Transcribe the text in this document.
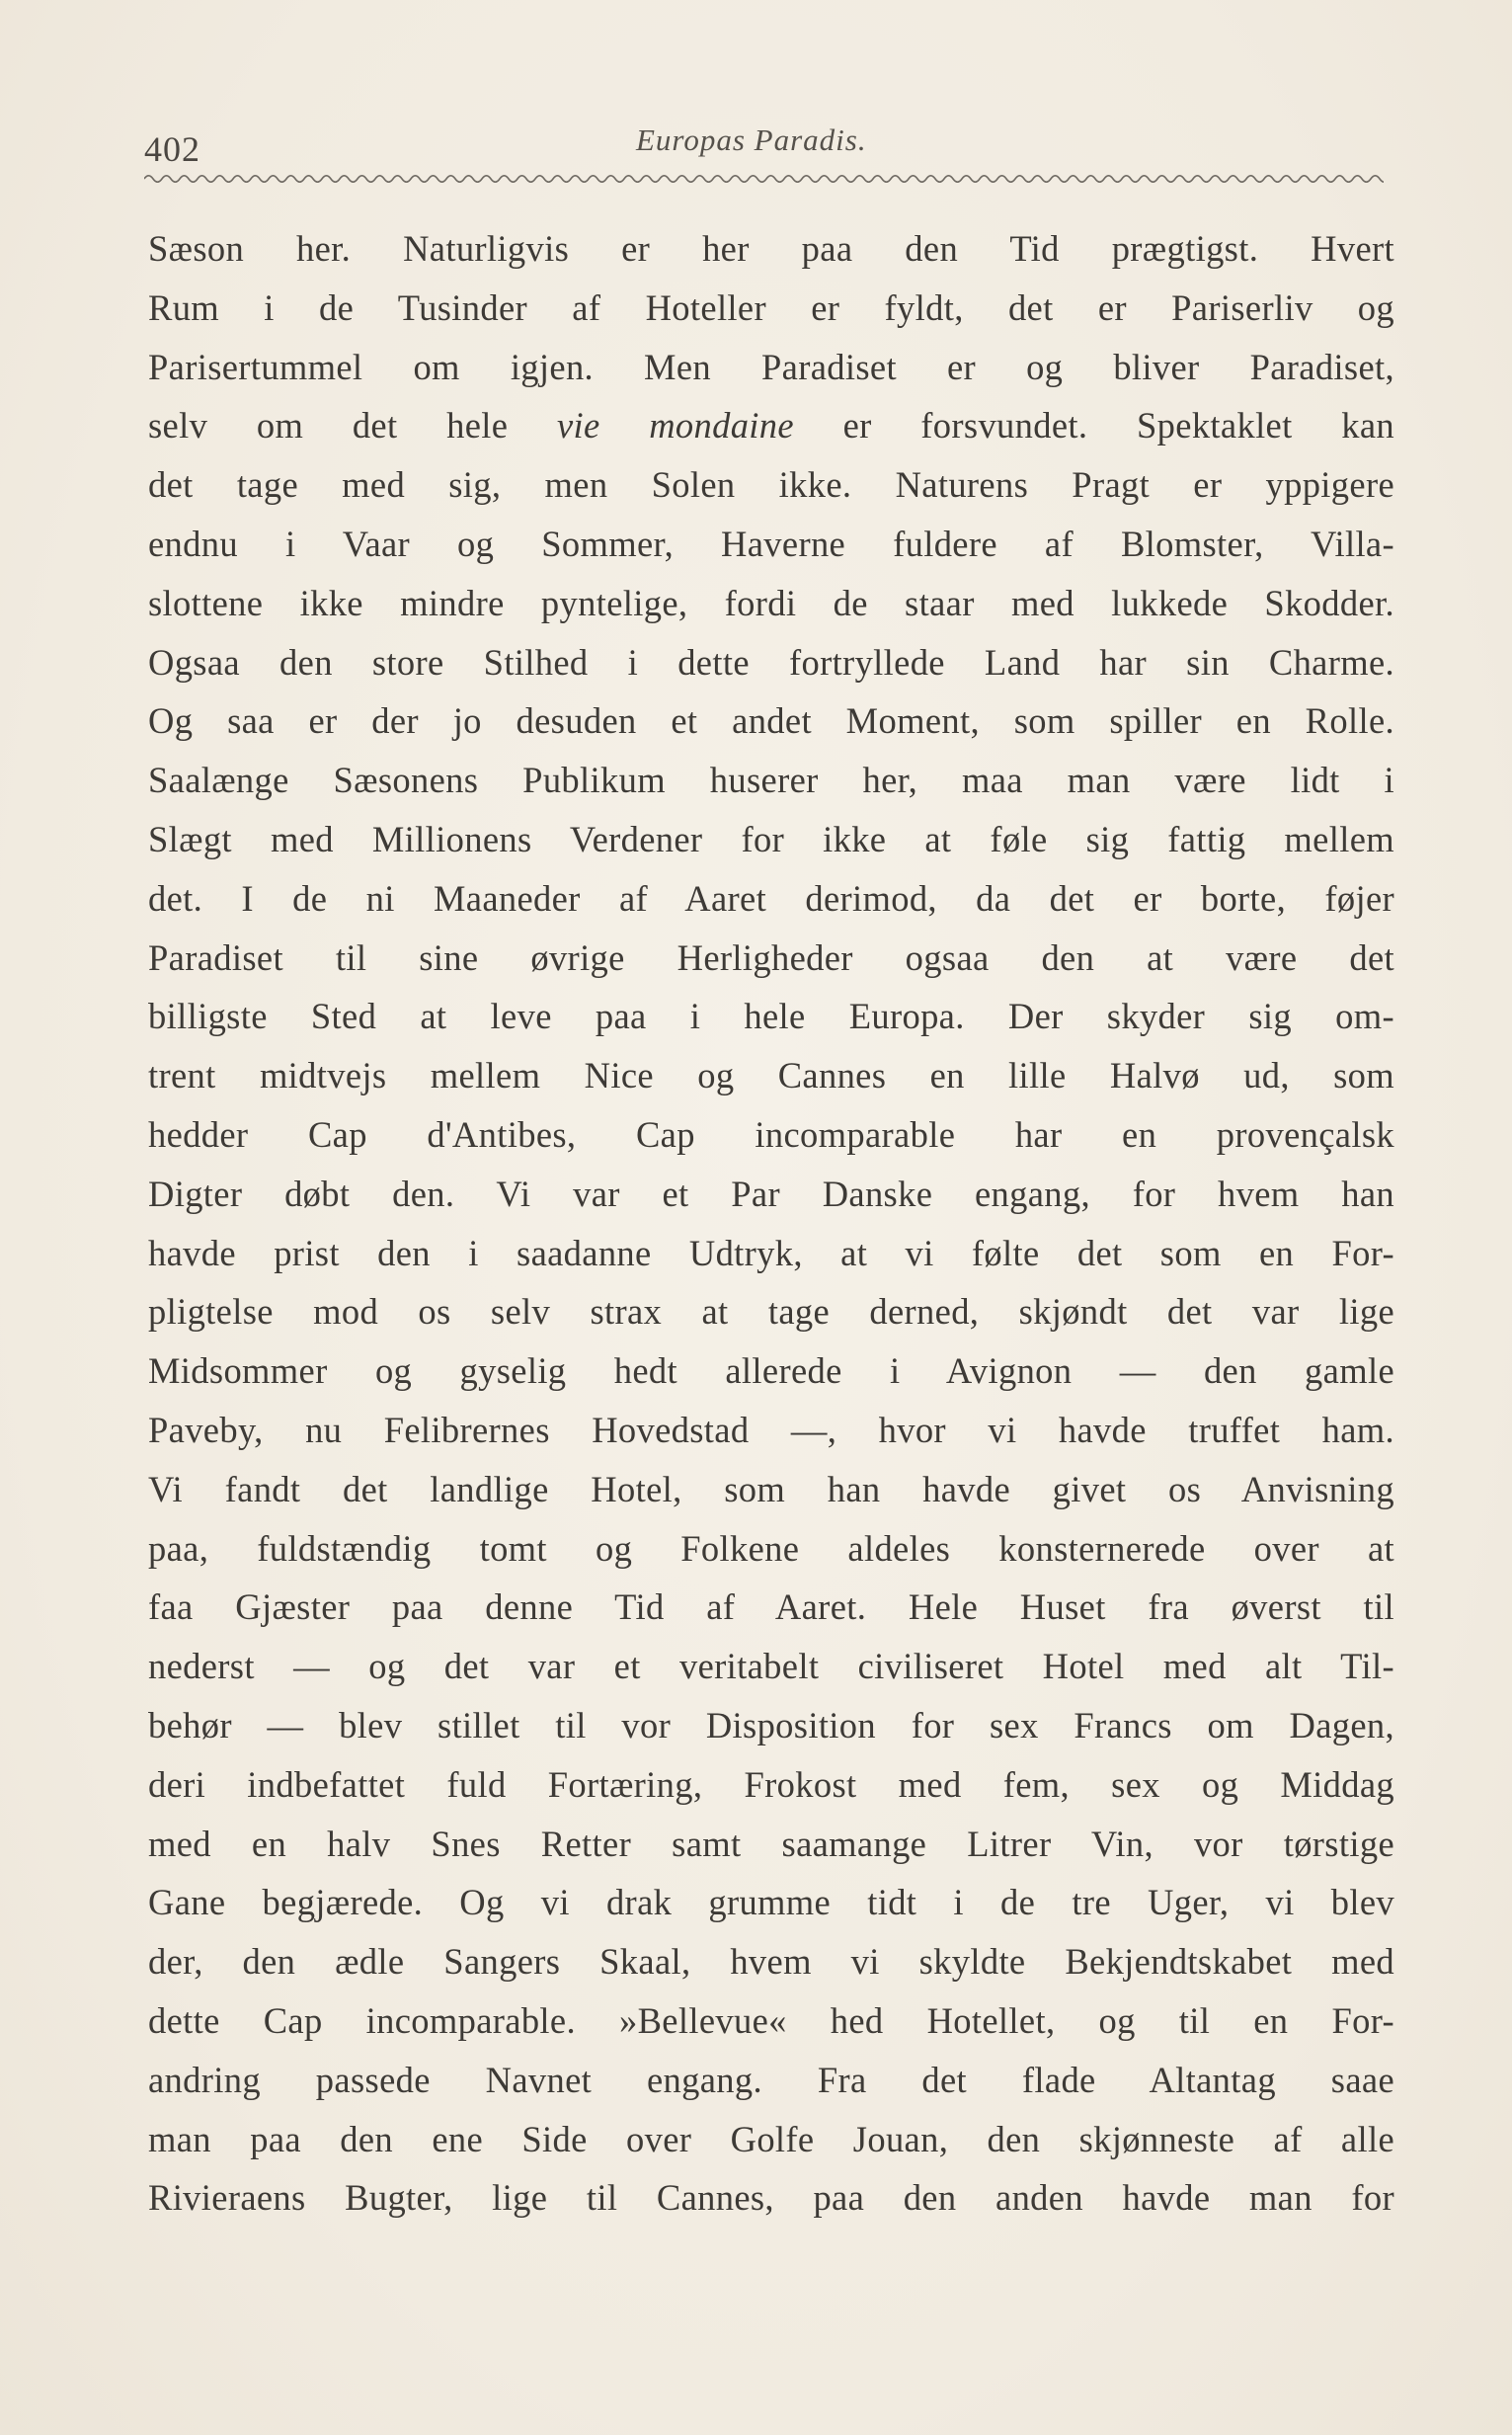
402	Europas Paradis.
Sæson her. Naturligvis er her paa den Tid prægtigst. Hvert
Rum i de Tusinder af Hoteller er fyldt, det er Pariserliv og
Parisertummel om igjen. Men Paradiset er og bliver Paradiset,
selv om det hele vie mondaine er forsvundet. Spektaklet kan
det tage med sig, men Solen ikke. Naturens Pragt er yppigere
endnu i Vaar og Sommer, Haverne fuldere af Blomster, Villa-
slottene ikke mindre pyntelige, fordi de staar med lukkede Skodder.
Ogsaa den store Stilhed i dette fortryllede Land har sin Charme.
Og saa er der jo desuden et andet Moment, som spiller en Rolle.
Saalænge Sæsonens Publikum huserer her, maa man være lidt i
Slægt med Millionens Verdener for ikke at føle sig fattig mellem
det. I de ni Maaneder af Aaret derimod, da det er borte, føjer
Paradiset til sine øvrige Herligheder ogsaa den at være det
billigste Sted at leve paa i hele Europa. Der skyder sig om-
trent midtvejs mellem Nice og Cannes en lille Halvø ud, som
hedder Cap d'Antibes, Cap incomparable har en provençalsk
Digter døbt den. Vi var et Par Danske engang, for hvem han
havde prist den i saadanne Udtryk, at vi følte det som en For-
pligtelse mod os selv strax at tage derned, skjøndt det var lige
Midsommer og gyselig hedt allerede i Avignon — den gamle
Paveby, nu Felibrernes Hovedstad —, hvor vi havde truffet ham.
Vi fandt det landlige Hotel, som han havde givet os Anvisning
paa, fuldstændig tomt og Folkene aldeles konsternerede over at
faa Gjæster paa denne Tid af Aaret. Hele Huset fra øverst til
nederst — og det var et veritabelt civiliseret Hotel med alt Til-
behør — blev stillet til vor Disposition for sex Francs om Dagen,
deri indbefattet fuld Fortæring, Frokost med fem, sex og Middag
med en halv Snes Retter samt saamange Litrer Vin, vor tørstige
Gane begjærede. Og vi drak grumme tidt i de tre Uger, vi blev
der, den ædle Sangers Skaal, hvem vi skyldte Bekjendtskabet med
dette Cap incomparable. »Bellevue« hed Hotellet, og til en For-
andring passede Navnet engang. Fra det flade Altantag saae
man paa den ene Side over Golfe Jouan, den skjønneste af alle
Rivieraens Bugter, lige til Cannes, paa den anden havde man for
